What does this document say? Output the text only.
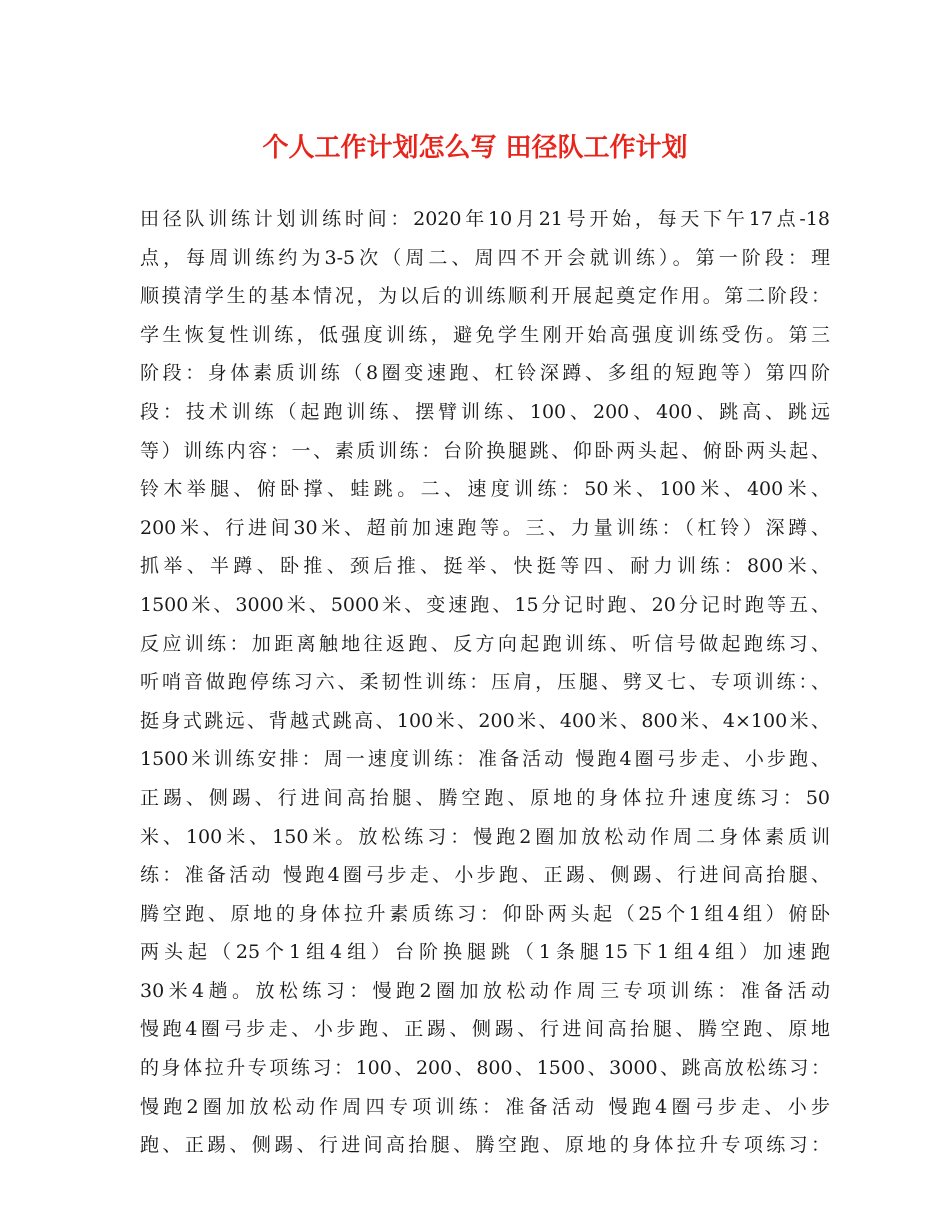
个人工作计划怎么写 田径队工作计划
田径队训练计划训练时间：2020年10月21号开始，每天下午17点-18
点，每周训练约为3-5次（周二、周四不开会就训练）。第一阶段：理
顺摸清学生的基本情况，为以后的训练顺利开展起奠定作用。第二阶段：
学生恢复性训练，低强度训练，避免学生刚开始高强度训练受伤。第三
阶段：身体素质训练（8圈变速跑、杠铃深蹲、多组的短跑等）第四阶
段：技术训练（起跑训练、摆臂训练、100、200、400、跳高、跳远
等）训练内容：一、素质训练：台阶换腿跳、仰卧两头起、俯卧两头起、
铃木举腿、俯卧撑、蛙跳。二、速度训练：50米、100米、400米、
200米、行进间30米、超前加速跑等。三、力量训练：（杠铃）深蹲、
抓举、半蹲、卧推、颈后推、挺举、快挺等四、耐力训练：800米、
1500米、3000米、5000米、变速跑、15分记时跑、20分记时跑等五、
反应训练：加距离触地往返跑、反方向起跑训练、听信号做起跑练习、
听哨音做跑停练习六、柔韧性训练：压肩，压腿、劈叉七、专项训练：、
挺身式跳远、背越式跳高、100米、200米、400米、800米、4×100米、
1500米训练安排：周一速度训练：准备活动 慢跑4圈弓步走、小步跑、
正踢、侧踢、行进间高抬腿、腾空跑、原地的身体拉升速度练习：50
米、100米、150米。放松练习：慢跑2圈加放松动作周二身体素质训
练：准备活动 慢跑4圈弓步走、小步跑、正踢、侧踢、行进间高抬腿、
腾空跑、原地的身体拉升素质练习：仰卧两头起（25个1组4组）俯卧
两头起（25个1组4组）台阶换腿跳（1条腿15下1组4组）加速跑
30米4趟。放松练习：慢跑2圈加放松动作周三专项训练：准备活动
慢跑4圈弓步走、小步跑、正踢、侧踢、行进间高抬腿、腾空跑、原地
的身体拉升专项练习：100、200、800、1500、3000、跳高放松练习：
慢跑2圈加放松动作周四专项训练：准备活动 慢跑4圈弓步走、小步
跑、正踢、侧踢、行进间高抬腿、腾空跑、原地的身体拉升专项练习：
